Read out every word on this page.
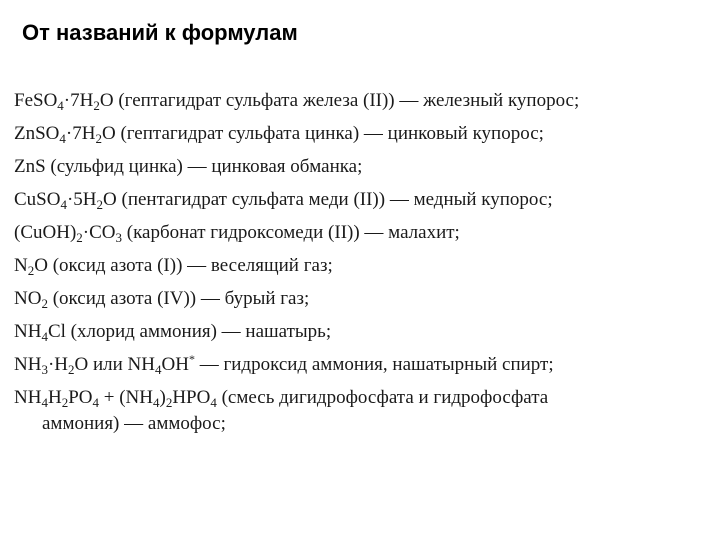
От названий к формулам
$FeSO_4\cdot 7H_2O$ (гептагидрат сульфата железа (II)) — железный купорос;
$ZnSO_4\cdot 7H_2O$ (гептагидрат сульфата цинка) — цинковый купорос;
ZnS (сульфид цинка) — цинковая обманка;
$CuSO_4\cdot 5H_2O$ (пентагидрат сульфата меди (II)) — медный купорос;
$(CuOH)_2\cdot CO_3$ (карбонат гидроксомеди (II)) — малахит;
$N_2O$ (оксид азота (I)) — веселящий газ;
$NO_2$ (оксид азота (IV)) — бурый газ;
$NH_4Cl$ (хлорид аммония) — нашатырь;
$NH_3\cdot H_2O$ или $NH_4OH^*$ — гидроксид аммония, нашатырный спирт;
$NH_4H_2PO_4 + (NH_4)_2HPO_4$ (смесь дигидрофосфата и гидрофосфата
аммония) — аммофос;
